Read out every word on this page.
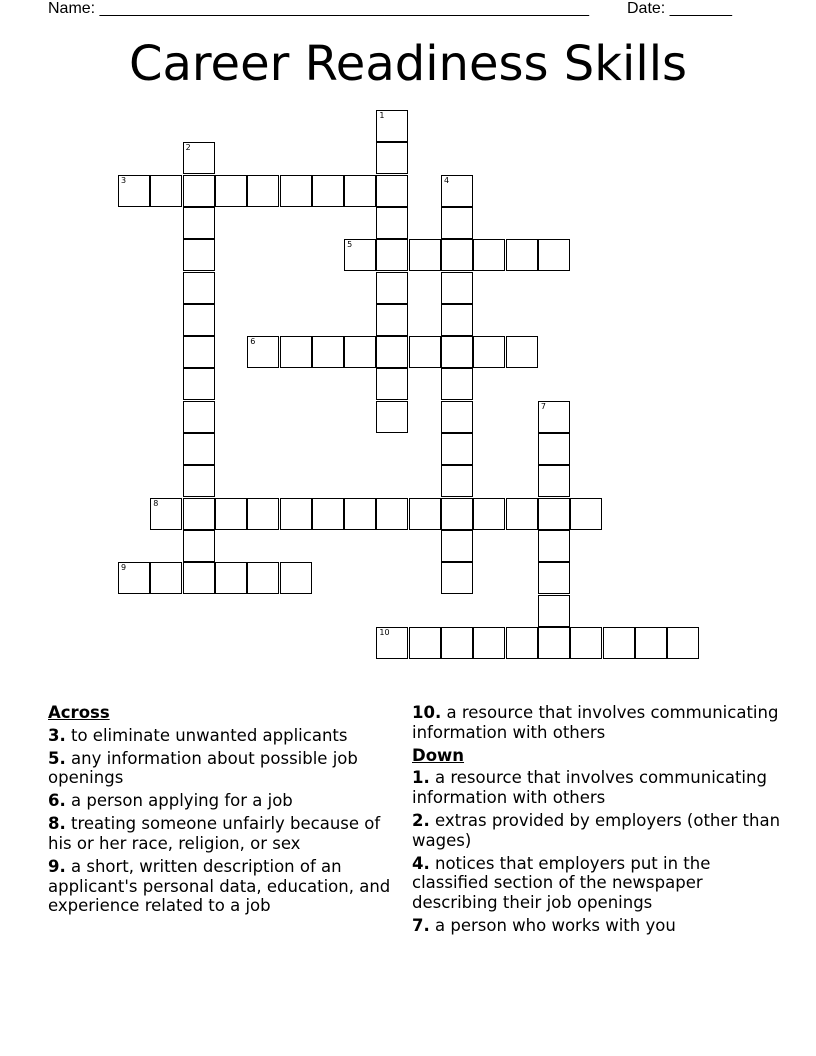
Name: _______________________________________________________ Date: _______
Career Readiness Skills
1
2
3	4
5
6
7
8
9
10
Across
3. to eliminate unwanted applicants
5. any information about possible job openings
6. a person applying for a job
8. treating someone unfairly because of his or her race, religion, or sex
9. a short, written description of an applicant's personal data, education, and experience related to a job
10. a resource that involves communicating information with others
Down
1. a resource that involves communicating information with others
2. extras provided by employers (other than wages)
4. notices that employers put in the classified section of the newspaper describing their job openings
7. a person who works with you
